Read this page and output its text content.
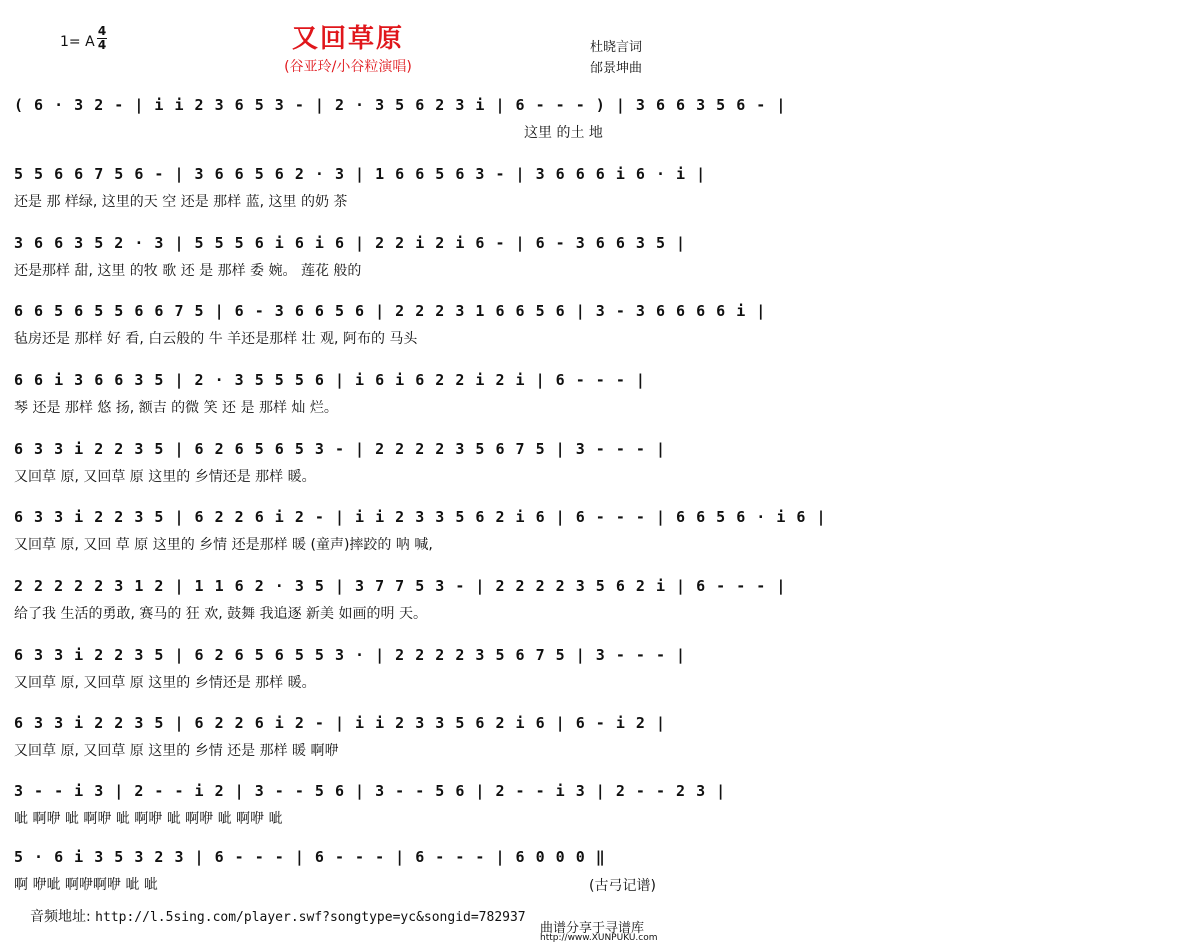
又回草原
(谷亚玲/小谷粒演唱)
1= A
4
4	杜晓言词
邰景坤曲
( 6 · 3 2 - | i i 2 3 6 5 3 - | 2 · 3 5 6 2 3 i | 6 - - - ) | 3 6 6 3 5 6 - |
这里 的土 地
5 5 6 6 7 5 6 - | 3 6 6 5 6 2 · 3 | 1 6 6 5 6 3 - | 3 6 6 6 i 6 · i |
还是 那 样绿, 这里的天 空 还是 那样 蓝, 这里 的奶 茶
3 6 6 3 5 2 · 3 | 5 5 5 6 i 6 i 6 | 2 2 i 2 i 6 - | 6 - 3 6 6 3 5 |
还是那样 甜, 这里 的牧 歌 还 是 那样 委 婉。 莲花 般的
6 6 5 6 5 5 6 6 7 5 | 6 - 3 6 6 5 6 | 2 2 2 3 1 6 6 5 6 | 3 - 3 6 6 6 6 i |
毡房还是 那样 好 看, 白云般的 牛 羊还是那样 壮 观, 阿布的 马头
6 6 i 3 6 6 3 5 | 2 · 3 5 5 5 6 | i 6 i 6 2 2 i 2 i | 6 - - - |
琴 还是 那样 悠 扬, 额吉 的微 笑 还 是 那样 灿 烂。
6 3 3 i 2 2 3 5 | 6 2 6 5 6 5 3 - | 2 2 2 2 3 5 6 7 5 | 3 - - - |
又回草 原, 又回草 原 这里的 乡情还是 那样 暖。
6 3 3 i 2 2 3 5 | 6 2 2 6 i 2 - | i i 2 3 3 5 6 2 i 6 | 6 - - - | 6 6 5 6 · i 6 |
又回草 原, 又回 草 原 这里的 乡情 还是那样 暖 (童声)摔跤的 呐 喊,
2 2 2 2 2 3 1 2 | 1 1 6 2 · 3 5 | 3 7 7 5 3 - | 2 2 2 2 3 5 6 2 i | 6 - - - |
给了我 生活的勇敢, 赛马的 狂 欢, 鼓舞 我追逐 新美 如画的明 天。
6 3 3 i 2 2 3 5 | 6 2 6 5 6 5 5 3 · | 2 2 2 2 3 5 6 7 5 | 3 - - - |
又回草 原, 又回草 原 这里的 乡情还是 那样 暖。
6 3 3 i 2 2 3 5 | 6 2 2 6 i 2 - | i i 2 3 3 5 6 2 i 6 | 6 - i 2 |
又回草 原, 又回草 原 这里的 乡情 还是 那样 暖 啊咿
3 - - i 3 | 2 - - i 2 | 3 - - 5 6 | 3 - - 5 6 | 2 - - i 3 | 2 - - 2 3 |
呲 啊咿 呲 啊咿 呲 啊咿 呲 啊咿 呲 啊咿 呲
5 · 6 i 3 5 3 2 3 | 6 - - - | 6 - - - | 6 - - - | 6 0 0 0 ‖
啊 咿呲 啊咿啊咿 呲 呲	(古弓记谱)
音频地址: http://l.5sing.com/player.swf?songtype=yc&songid=782937
曲谱分享于寻谱库
http://www.XUNPUKU.com
